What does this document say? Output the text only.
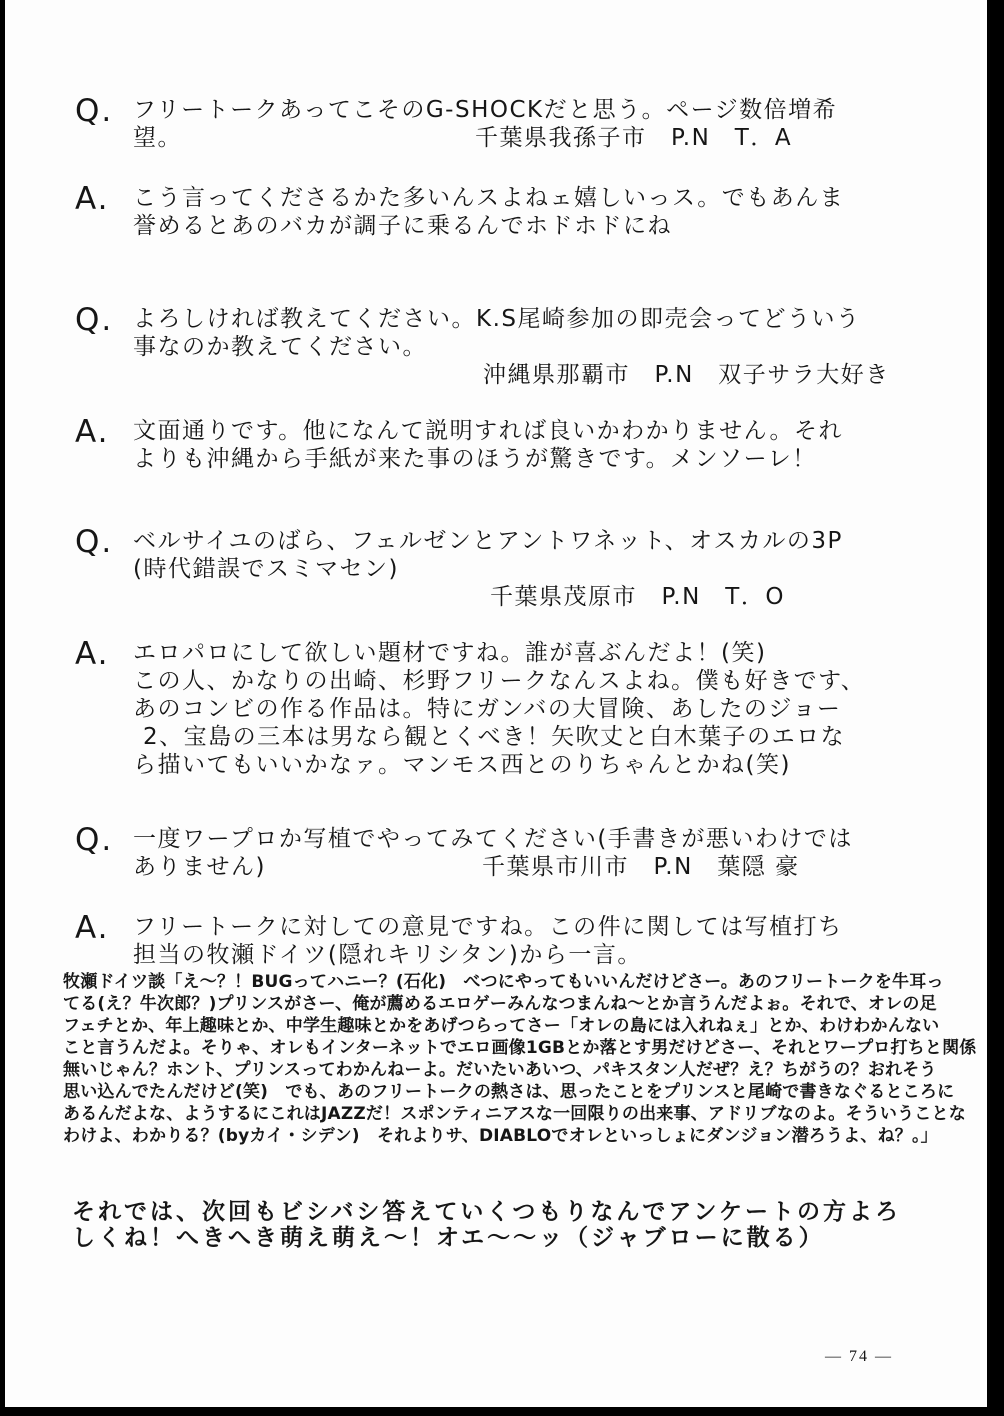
Q. フリートークあってこそのG-SHOCKだと思う。ページ数倍増希
望。	千葉県我孫子市　P.N　T．A
A.	こう言ってくださるかた多いんスよねェ嬉しいっス。でもあんま
誉めるとあのバカが調子に乗るんでホドホドにね
Q. よろしければ教えてください。K.S尾崎参加の即売会ってどういう
事なのか教えてください。
沖縄県那覇市　P.N　双子サラ大好き
A.	文面通りです。他になんて説明すれば良いかわかりません。それ
よりも沖縄から手紙が来た事のほうが驚きです。メンソーレ！
Q. ベルサイユのばら、フェルゼンとアントワネット、オスカルの3P
(時代錯誤でスミマセン)
千葉県茂原市　P.N　T．O
A.	エロパロにして欲しい題材ですね。誰が喜ぶんだよ！(笑)
この人、かなりの出崎、杉野フリークなんスよね。僕も好きです、
あのコンビの作る作品は。特にガンバの大冒険、あしたのジョー
2、宝島の三本は男なら観とくべき！矢吹丈と白木葉子のエロな
ら描いてもいいかなァ。マンモス西とのりちゃんとかね(笑)
Q. 一度ワープロか写植でやってみてください(手書きが悪いわけでは
ありません)	千葉県市川市　P.N　葉隠 豪
A.	フリートークに対しての意見ですね。この件に関しては写植打ち
担当の牧瀬ドイツ(隠れキリシタン)から一言。
牧瀬ドイツ談「え〜？！BUGってハニー？(石化)　べつにやってもいいんだけどさー。あのフリートークを牛耳っ
てる(え？牛次郎？)プリンスがさー、俺が薦めるエロゲーみんなつまんね〜とか言うんだよぉ。それで、オレの足
フェチとか、年上趣味とか、中学生趣味とかをあげつらってさー「オレの島には入れねぇ」とか、わけわかんない
こと言うんだよ。そりゃ、オレもインターネットでエロ画像1GBとか落とす男だけどさー、それとワープロ打ちと関係
無いじゃん？ホント、プリンスってわかんねーよ。だいたいあいつ、パキスタン人だぜ？え？ちがうの？おれそう
思い込んでたんだけど(笑)　でも、あのフリートークの熱さは、思ったことをプリンスと尾崎で書きなぐるところに
あるんだよな、ようするにこれはJAZZだ！スポンティニアスな一回限りの出来事、アドリブなのよ。そういうことな
わけよ、わかりる？(byカイ・シデン)　それよりサ、DIABLOでオレといっしょにダンジョン潜ろうよ、ね？。」
それでは、次回もビシバシ答えていくつもりなんでアンケートの方よろ
しくね！へきへき萌え萌え〜！オエ〜〜ッ（ジャブローに散る）
— 74 —
